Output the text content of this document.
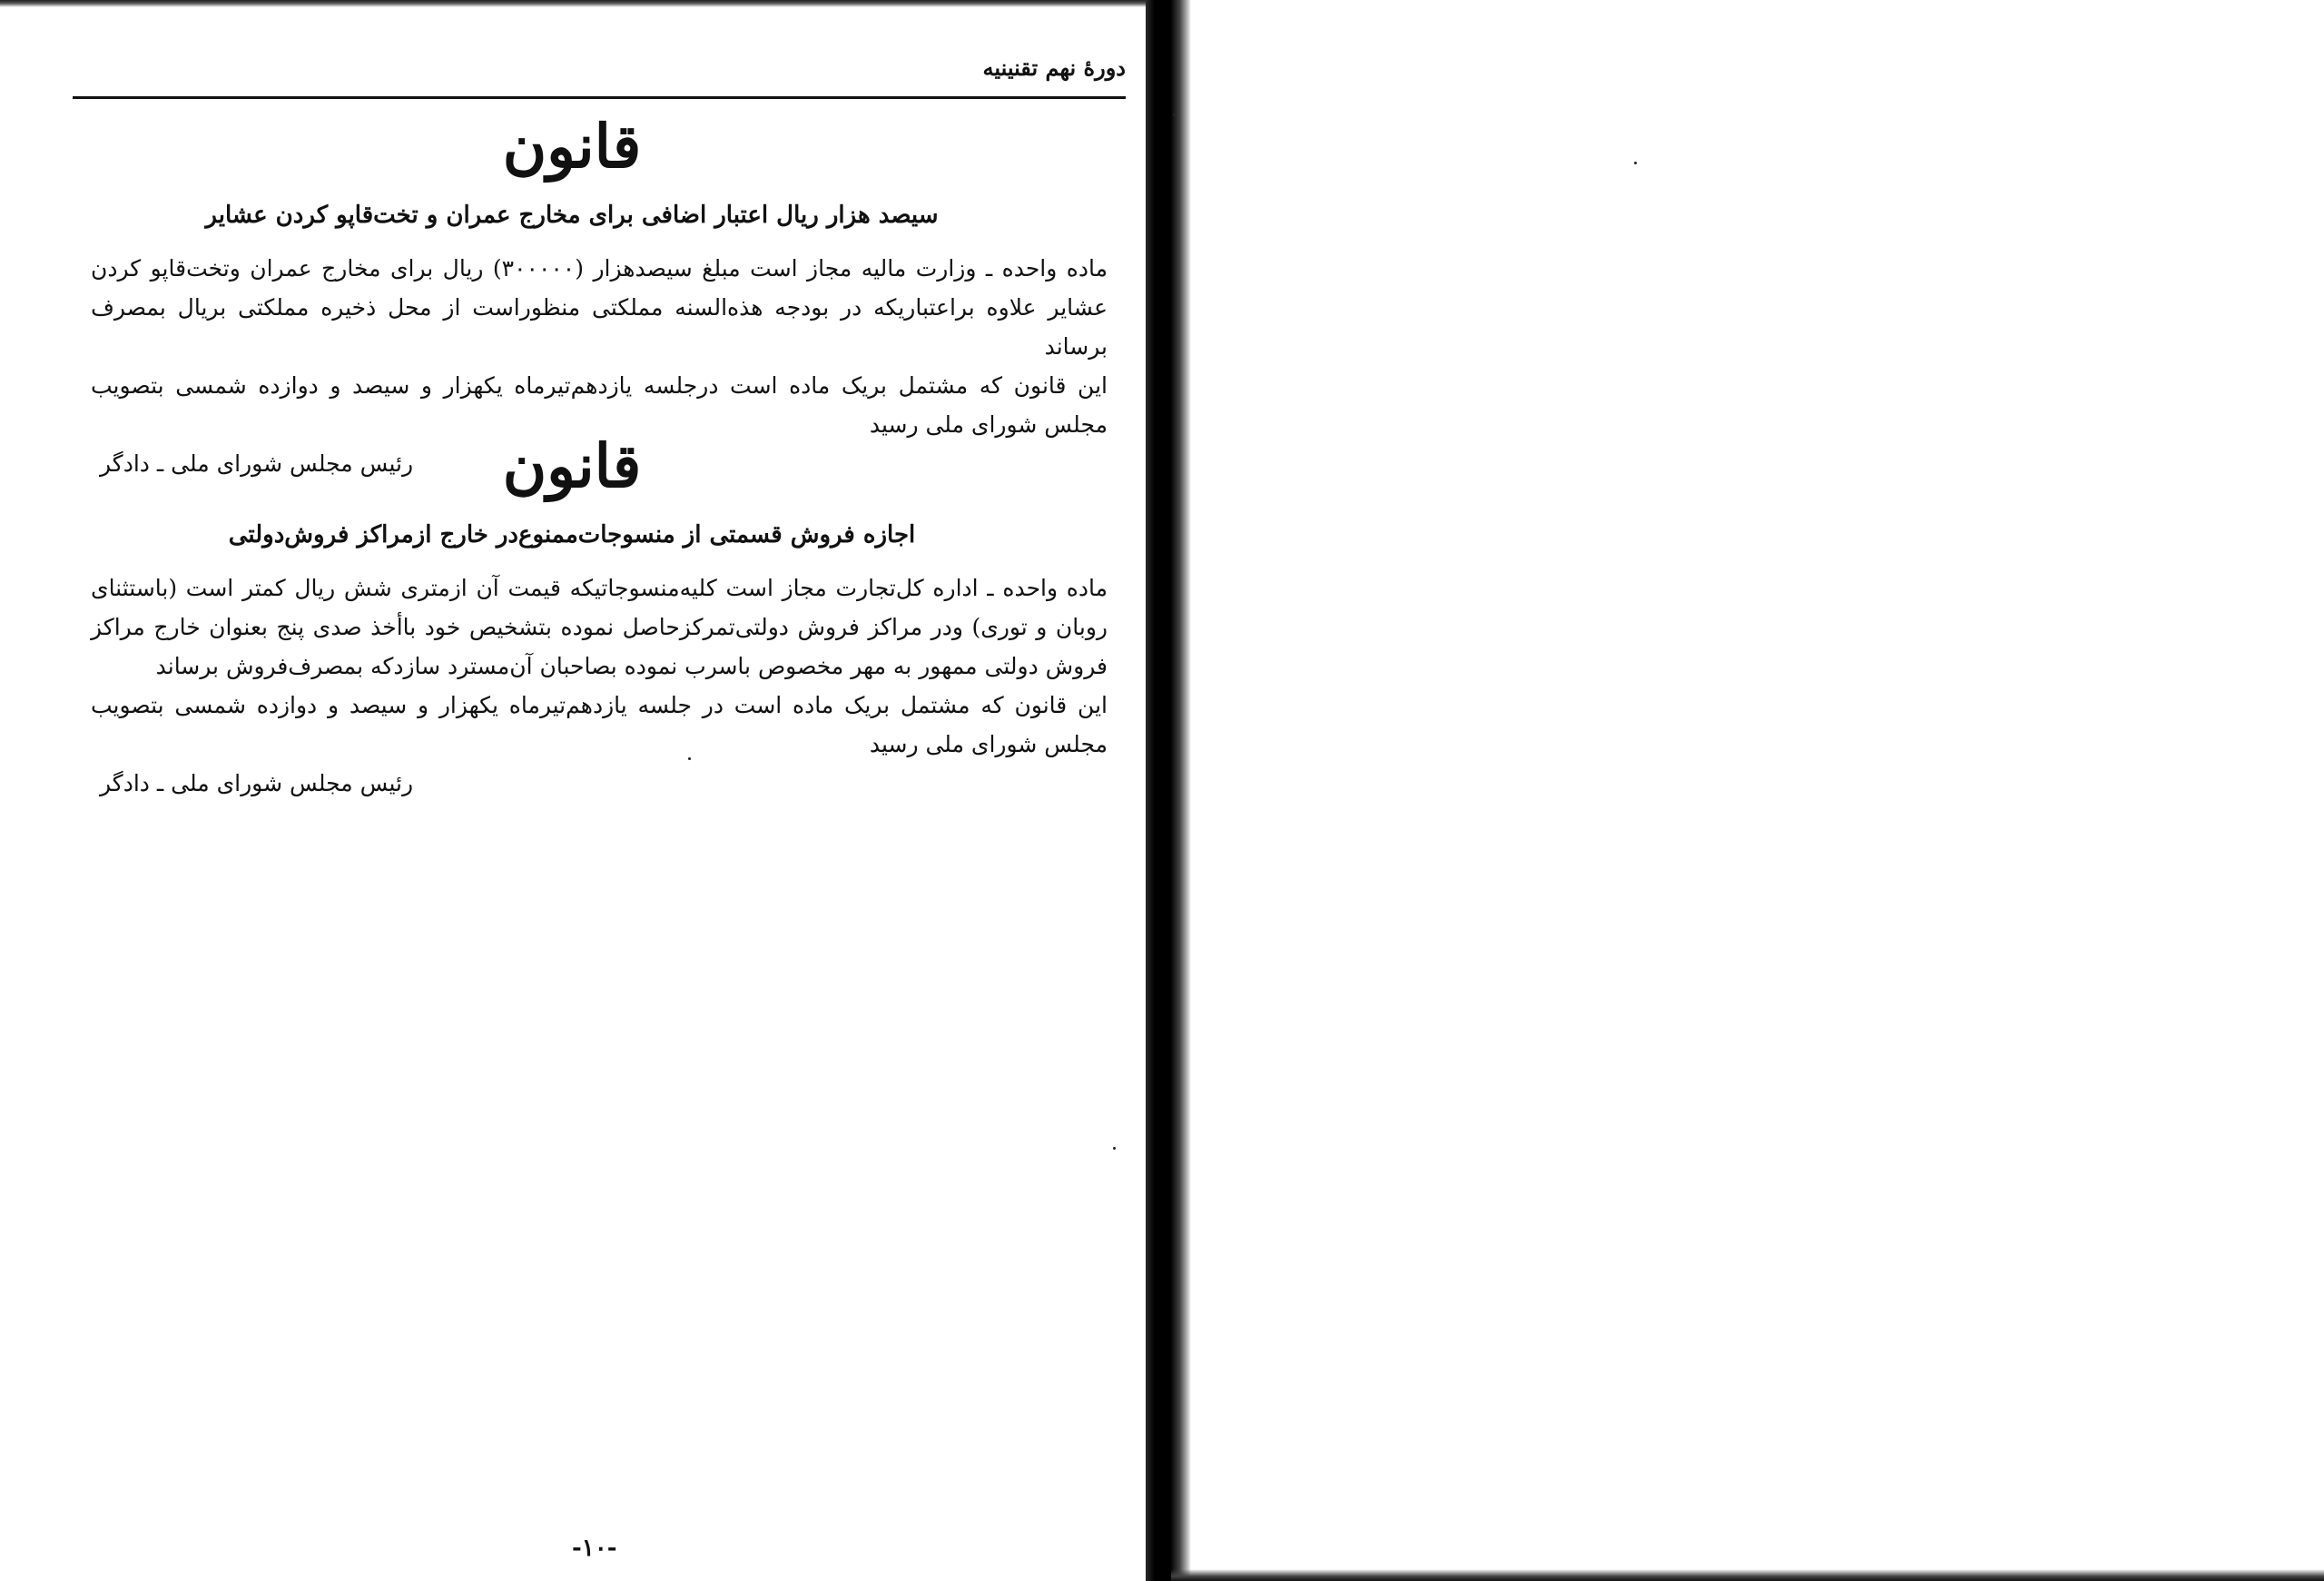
دورهٔ نهم تقنینیه
قانون
سیصد هزار ریال اعتبار اضافی برای مخارج عمران و تخت‌قاپو کردن عشایر

ماده واحده ـ وزارت مالیه مجاز است مبلغ سیصدهزار (۳۰۰۰۰۰) ریال برای مخارج عمران وتخت‌قاپو کردن عشایر علاوه براعتباریکه در بودجه هذه‌السنه مملکتی منظوراست از محل ذخیره مملکتی بریال بمصرف برساند

این قانون که مشتمل بریک ماده است درجلسه یازدهم‌تیرماه یکهزار و سیصد و دوازده شمسی بتصویب مجلس شورای ملی رسید

رئیس مجلس شورای ملی ـ دادگر	قانون
اجازه فروش قسمتی از منسوجات‌ممنوع‌در خارج ازمراکز فروش‌دولتی

ماده واحده ـ اداره کل‌تجارت مجاز است کلیه‌منسوجاتیکه قیمت آن ازمتری شش ریال کمتر است (باستثنای روبان و توری) ودر مراکز فروش دولتی‌تمرکزحاصل نموده بتشخیص خود باأخذ صدی پنج بعنوان خارج مراکز فروش دولتی ممهور به مهر مخصوص باسرب نموده بصاحبان آن‌مسترد سازدکه بمصرف‌فروش برساند

این قانون که مشتمل بریک ماده است در جلسه یازدهم‌تیرماه یکهزار و سیصد و دوازده شمسی بتصویب مجلس شورای ملی رسید

رئیس مجلس شورای ملی ـ دادگر
-۱۰-
